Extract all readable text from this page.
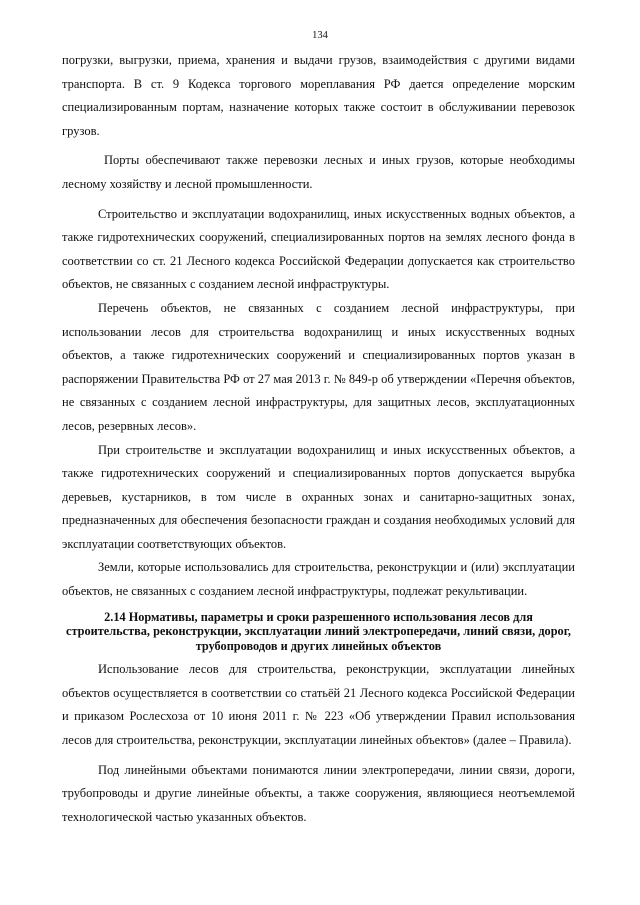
134

погрузки, выгрузки, приема, хранения и выдачи грузов, взаимодействия с другими видами транспорта. В ст. 9 Кодекса торгового мореплавания РФ дается определение морским специализированным портам, назначение которых также состоит в обслуживании перевозок грузов.

Порты обеспечивают также перевозки лесных и иных грузов, которые необходимы лесному хозяйству и лесной промышленности.

Строительство и эксплуатации водохранилищ, иных искусственных водных объектов, а также гидротехнических сооружений, специализированных портов на землях лесного фонда в соответствии со ст. 21 Лесного кодекса Российской Федерации допускается как строительство объектов, не связанных с созданием лесной инфраструктуры.

Перечень объектов, не связанных с созданием лесной инфраструктуры, при использовании лесов для строительства водохранилищ и иных искусственных водных объектов, а также гидротехнических сооружений и специализированных портов указан в распоряжении Правительства РФ от 27 мая 2013 г. № 849-р об утверждении «Перечня объектов, не связанных с созданием лесной инфраструктуры, для защитных лесов, эксплуатационных лесов, резервных лесов».

При строительстве и эксплуатации водохранилищ и иных искусственных объектов, а также гидротехнических сооружений и специализированных портов допускается вырубка деревьев, кустарников, в том числе в охранных зонах и санитарно-защитных зонах, предназначенных для обеспечения безопасности граждан и создания необходимых условий для эксплуатации соответствующих объектов.

Земли, которые использовались для строительства, реконструкции и (или) эксплуатации объектов, не связанных с созданием лесной инфраструктуры, подлежат рекультивации.

2.14 Нормативы, параметры и сроки разрешенного использования лесов для строительства, реконструкции, эксплуатации линий электропередачи, линий связи, дорог, трубопроводов и других линейных объектов

Использование лесов для строительства, реконструкции, эксплуатации линейных объектов осуществляется в соответствии со статьёй 21 Лесного кодекса Российской Федерации и приказом Рослесхоза от 10 июня 2011 г. № 223 «Об утверждении Правил использования лесов для строительства, реконструкции, эксплуатации линейных объектов» (далее – Правила).

Под линейными объектами понимаются линии электропередачи, линии связи, дороги, трубопроводы и другие линейные объекты, а также сооружения, являющиеся неотъемлемой технологической частью указанных объектов.
